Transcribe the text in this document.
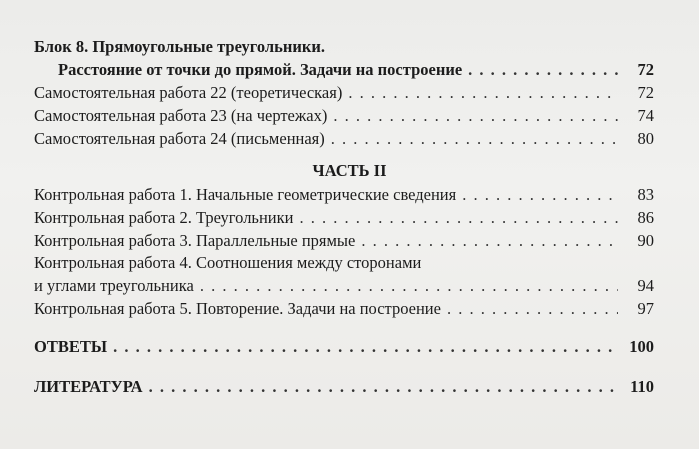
Блок 8. Прямоугольные треугольники.
Расстояние от точки до прямой. Задачи на построение . . .	72
Самостоятельная работа 22 (теоретическая) . . .	72
Самостоятельная работа 23 (на чертежах) . . .	74
Самостоятельная работа 24 (письменная) . . .	80
ЧАСТЬ II
Контрольная работа 1. Начальные геометрические сведения . . .	83
Контрольная работа 2. Треугольники . . .	86
Контрольная работа 3. Параллельные прямые . . .	90
Контрольная работа 4. Соотношения между сторонами
и углами треугольника . . .	94
Контрольная работа 5. Повторение. Задачи на построение . . .	97
ОТВЕТЫ . . .	100
ЛИТЕРАТУРА . . .	110
